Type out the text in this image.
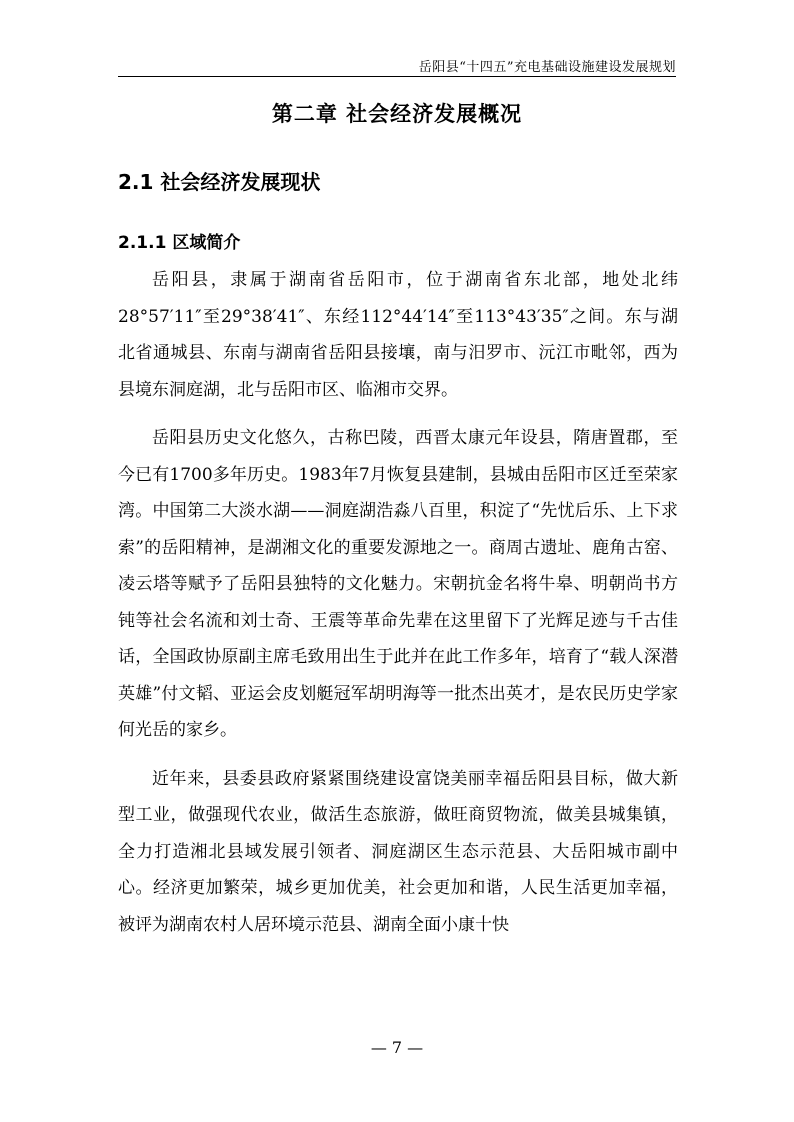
岳阳县“十四五”充电基础设施建设发展规划
第二章 社会经济发展概况
2.1 社会经济发展现状
2.1.1 区域简介

岳阳县，隶属于湖南省岳阳市，位于湖南省东北部，地处北纬28°57′11″至29°38′41″、东经112°44′14″至113°43′35″之间。东与湖北省通城县、东南与湖南省岳阳县接壤，南与汨罗市、沅江市毗邻，西为县境东洞庭湖，北与岳阳市区、临湘市交界。

岳阳县历史文化悠久，古称巴陵，西晋太康元年设县，隋唐置郡，至今已有1700多年历史。1983年7月恢复县建制，县城由岳阳市区迁至荣家湾。中国第二大淡水湖——洞庭湖浩淼八百里，积淀了“先忧后乐、上下求索”的岳阳精神，是湖湘文化的重要发源地之一。商周古遗址、鹿角古窑、凌云塔等赋予了岳阳县独特的文化魅力。宋朝抗金名将牛皋、明朝尚书方钝等社会名流和刘士奇、王震等革命先辈在这里留下了光辉足迹与千古佳话，全国政协原副主席毛致用出生于此并在此工作多年，培育了“载人深潜英雄”付文韬、亚运会皮划艇冠军胡明海等一批杰出英才，是农民历史学家何光岳的家乡。

近年来，县委县政府紧紧围绕建设富饶美丽幸福岳阳县目标，做大新型工业，做强现代农业，做活生态旅游，做旺商贸物流，做美县城集镇，全力打造湘北县域发展引领者、洞庭湖区生态示范县、大岳阳城市副中心。经济更加繁荣，城乡更加优美，社会更加和谐，人民生活更加幸福，被评为湖南农村人居环境示范县、湖南全面小康十快

— 7 —
